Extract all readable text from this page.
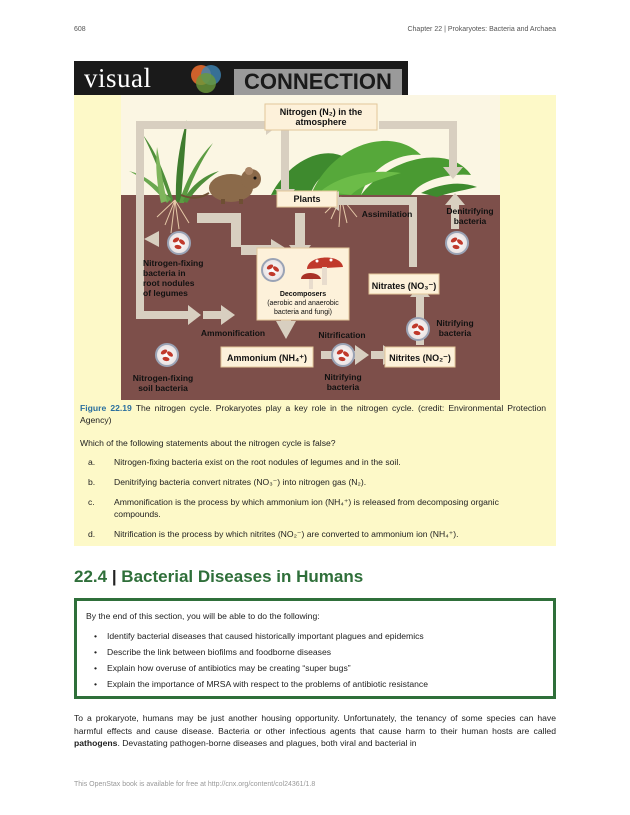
608	Chapter 22 | Prokaryotes: Bacteria and Archaea
visual	CONNECTION
Nitrogen (N₂) in the
atmosphere
Plants
Nitrates (NO₃⁻)
Ammonium (NH₄⁺)	Nitrites (NO₂⁻)
Assimilation	Denitrifying
bacteria
Ammonification	Nitrification
Nitrifying
bacteria
Nitrogen-fixing
soil bacteria
Nitrifying
bacteria
Nitrogen-fixing
bacteria in
root nodules
of legumes	Decomposers
(aerobic and anaerobic
bacteria and fungi)
Figure 22.19 The nitrogen cycle. Prokaryotes play a key role in the nitrogen cycle. (credit: Environmental Protection Agency)
Which of the following statements about the nitrogen cycle is false?
a.	Nitrogen-fixing bacteria exist on the root nodules of legumes and in the soil.
b.	Denitrifying bacteria convert nitrates (NO₃⁻) into nitrogen gas (N₂).
c.	Ammonification is the process by which ammonium ion (NH₄⁺) is released from decomposing organic compounds.
d.	Nitrification is the process by which nitrites (NO₂⁻) are converted to ammonium ion (NH₄⁺).
22.4 | Bacterial Diseases in Humans
By the end of this section, you will be able to do the following:
• Identify bacterial diseases that caused historically important plagues and epidemics
• Describe the link between biofilms and foodborne diseases
• Explain how overuse of antibiotics may be creating “super bugs”
• Explain the importance of MRSA with respect to the problems of antibiotic resistance
To a prokaryote, humans may be just another housing opportunity. Unfortunately, the tenancy of some species can have harmful effects and cause disease. Bacteria or other infectious agents that cause harm to their human hosts are called pathogens. Devastating pathogen-borne diseases and plagues, both viral and bacterial in
This OpenStax book is available for free at http://cnx.org/content/col24361/1.8
